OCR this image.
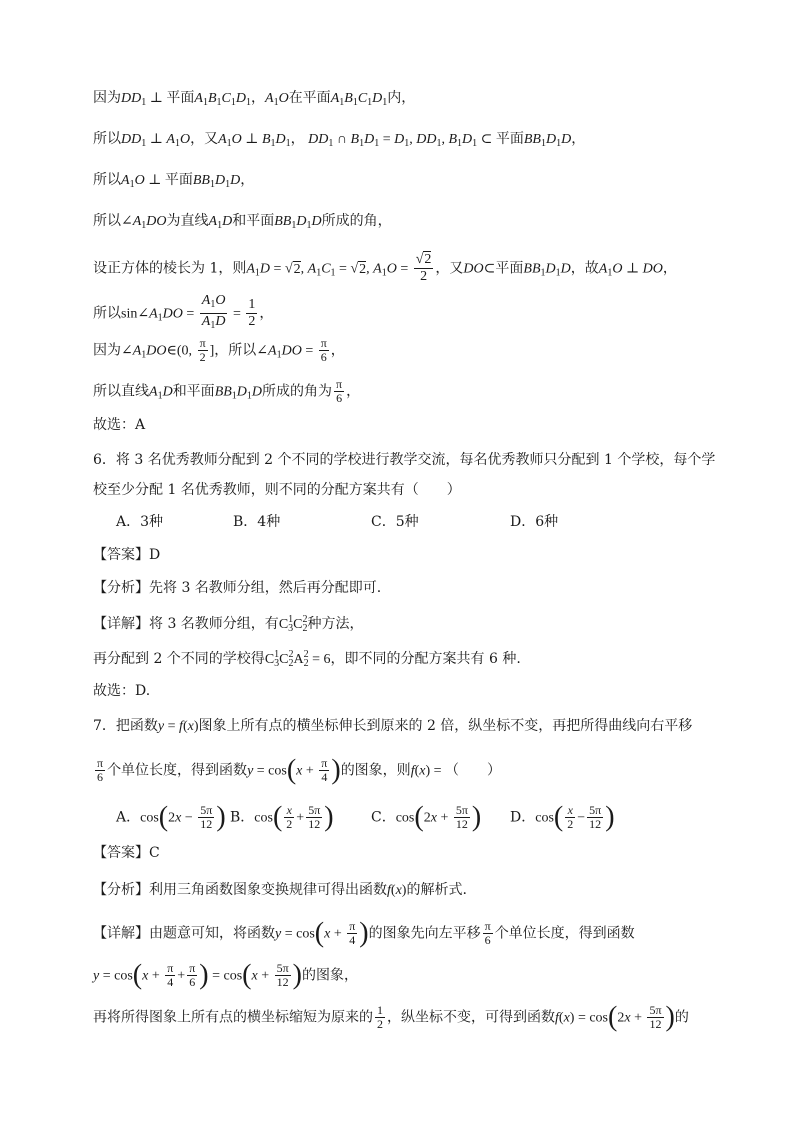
因为$DD_1$ ⊥ 平面$A_1B_1C_1D_1$，$A_1O$在平面$A_1B_1C_1D_1$内，
所以$DD_1$ ⊥ $A_1O$，又$A_1O$ ⊥ $B_1D_1$， $DD_1$ ∩ $B_1D_1 = D_1$, $DD_1$, $B_1D_1$ ⊂ 平面$BB_1D_1D$，
所以$A_1O$ ⊥ 平面$BB_1D_1D$，
所以$\angle A_1DO$为直线$A_1D$和平面$BB_1D_1D$所成的角，
设正方体的棱长为 1，则$A_1D = √2$, $A_1C_1 = √2$, $A_1O = \frac{√2}{2}$ ，又DO⊂平面$BB_1D_1D$，故$A_1O$ ⊥ DO，
所以$\sin\angle A_1DO = \frac{A_1O}{A_1D} = \frac{1}{2}$ ，
因为$\angle A_1DO\in(0$, $\frac{\pi}{2}$ ]，所以$\angle A_1DO = \frac{\pi}{6}$ ，
所以直线$A_1D$和平面$BB_1D_1D$所成的角为 $\frac{\pi}{6}$ ，
故选：A
6．将 3 名优秀教师分配到 2 个不同的学校进行教学交流，每名优秀教师只分配到 1 个学校，每个学
校至少分配 1 名优秀教师，则不同的分配方案共有（　　）
A．3种	B．4种	C．5种	D．6种
【答案】D
【分析】先将 3 名教师分组，然后再分配即可.
【详解】将 3 名教师分组，有$C_3^1C_2^2$种方法，
再分配到 2 个不同的学校得$C_3^1C_2^2A_2^2 = 6$，即不同的分配方案共有 6 种.
故选：D.
7．把函数y = f(x)图象上所有点的横坐标伸长到原来的 2 倍，纵坐标不变，再把所得曲线向右平移
$\frac{\pi}{6}$ 个单位长度，得到函数$y = \cos(x + \frac{\pi}{4}$ )的图象，则f(x) = （　　）
A．$\cos(2x - \frac{5\pi}{12}$ ) B．$\cos( \frac{x}{2} + \frac{5\pi}{12}$ )	C．$\cos(2x + \frac{5\pi}{12}$ ) D．$\cos( \frac{x}{2} - \frac{5\pi}{12}$ )
【答案】C
【分析】利用三角函数图象变换规律可得出函数f(x)的解析式.
【详解】由题意可知，将函数$y = \cos(x + \frac{\pi}{4}$ )的图象先向左平移 $\frac{\pi}{6}$ 个单位长度，得到函数
$y = \cos(x + \frac{\pi}{4} + \frac{\pi}{6}$ ) = $\cos(x + \frac{5\pi}{12}$ )的图象，
再将所得图象上所有点的横坐标缩短为原来的 $\frac{1}{2}$ ，纵坐标不变，可得到函数$f(x) = \cos(2x + \frac{5\pi}{12}$ )的
